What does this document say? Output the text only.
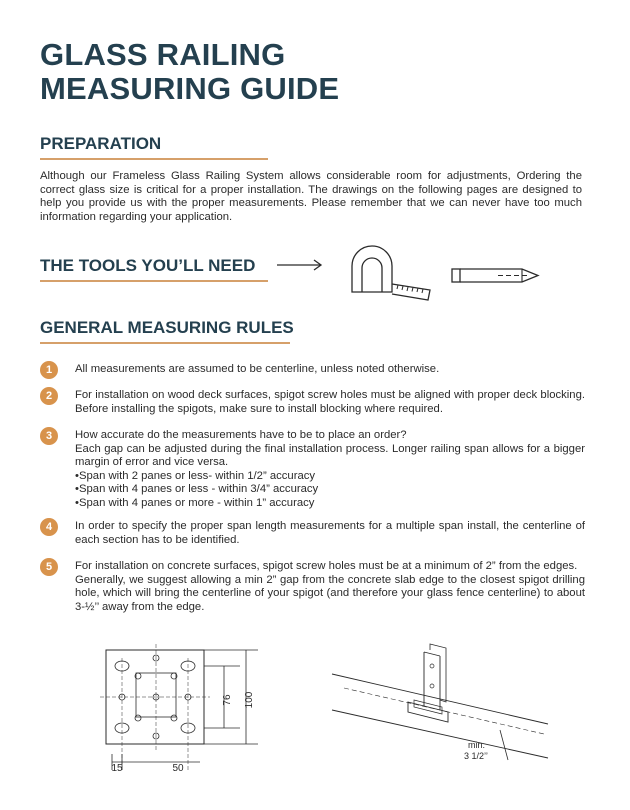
GLASS RAILING
MEASURING GUIDE
PREPARATION

Although our Frameless Glass Railing System allows considerable room for adjustments, Ordering the correct glass size is critical for a proper installation. The drawings on the following pages are designed to help you provide us with the proper measurements. Please remember that we can never have too much information regarding your application.

THE TOOLS YOU’LL NEED
GENERAL MEASURING RULES
1	All measurements are assumed to be centerline, unless noted otherwise.

2	For installation on wood deck surfaces, spigot screw holes must be aligned with proper deck blocking. Before installing the spigots, make sure to install blocking where required.

3	How accurate do the measurements have to be to place an order?

Each gap can be adjusted during the final installation process. Longer railing span allows for a bigger margin of error and vice versa.

• Span with 2 panes or less- within 1/2” accuracy
• Span with 4 panes or less - within 3/4” accuracy
• Span with 4 panes or more - within 1” accuracy
4	In order to specify the proper span length measurements for a multiple span install, the centerline of each section has to be identified.

5	For installation on concrete surfaces, spigot screw holes must be at a minimum of 2” from the edges.

Generally, we suggest allowing a min 2” gap from the concrete slab edge to the closest spigot drilling hole, which will bring the centerline of your spigot (and therefore your glass fence centerline) to about 3-½’’ away from the edge.

76 100
15	50
min.
3 1/2’’
